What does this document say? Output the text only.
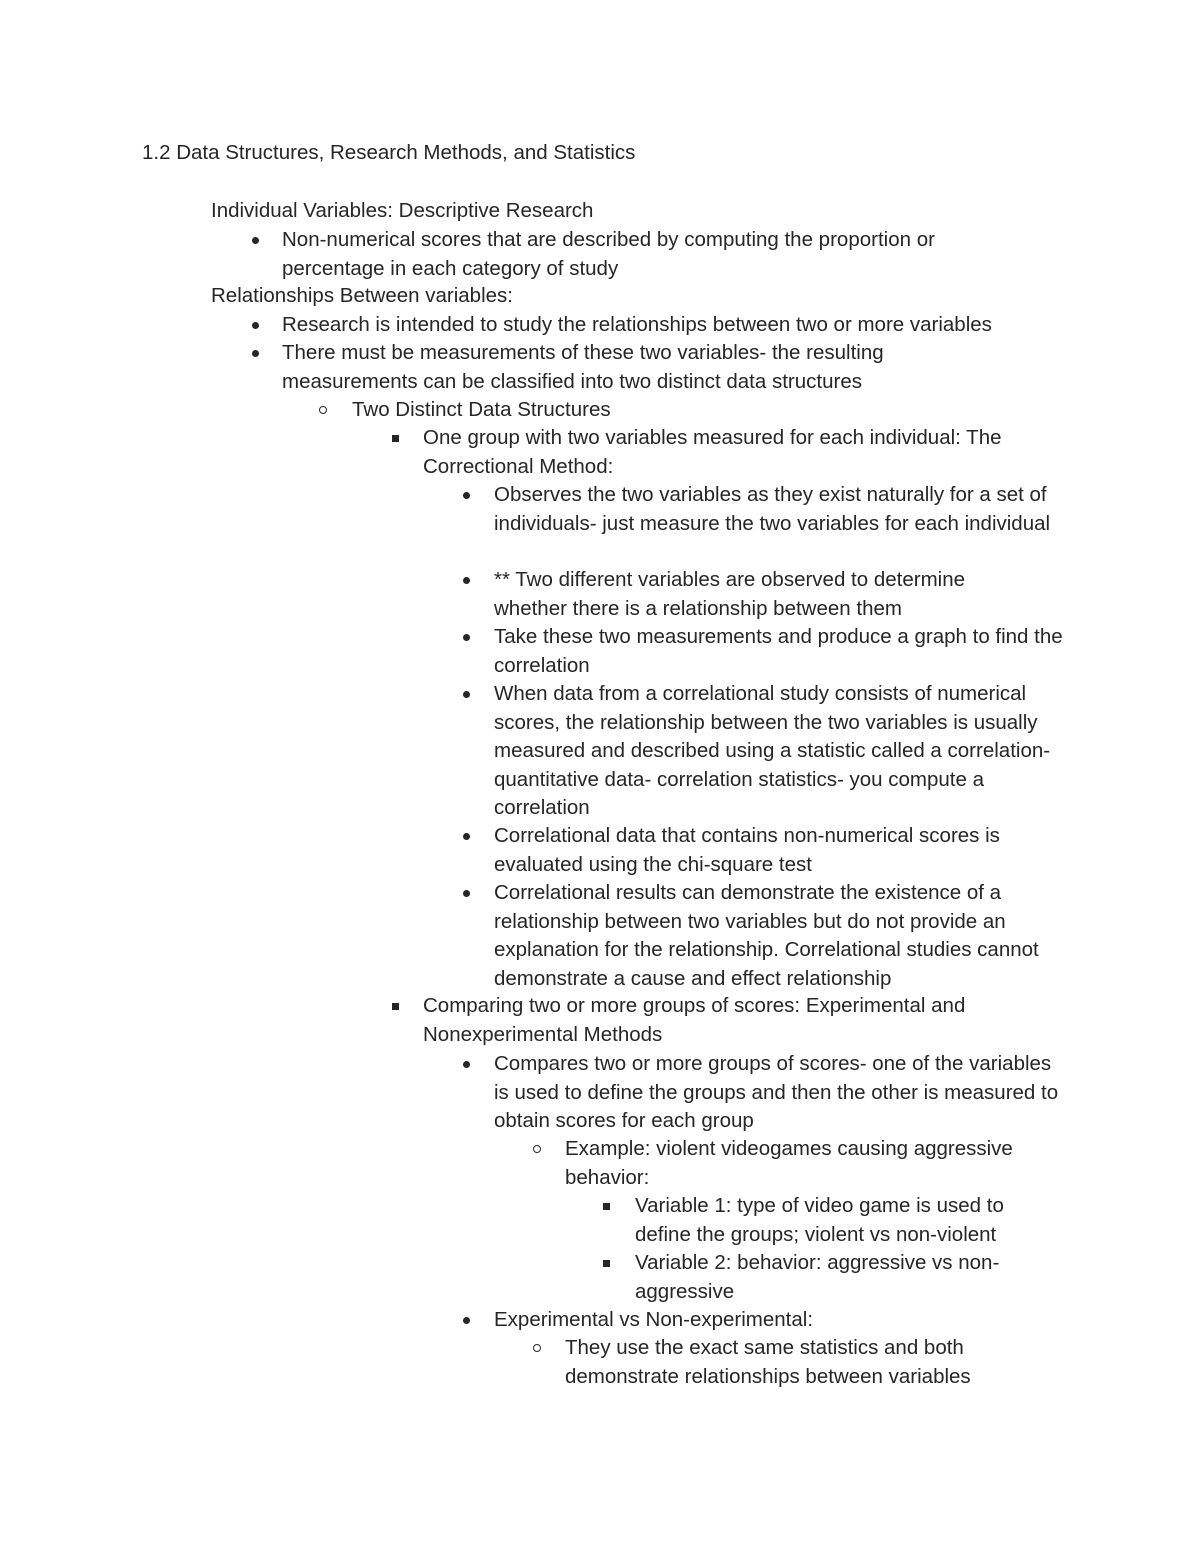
1.2 Data Structures, Research Methods, and Statistics
Individual Variables: Descriptive Research
Non-numerical scores that are described by computing the proportion or percentage in each category of study
Relationships Between variables:
Research is intended to study the relationships between two or more variables
There must be measurements of these two variables- the resulting measurements can be classified into two distinct data structures
Two Distinct Data Structures
One group with two variables measured for each individual: The Correctional Method:
Observes the two variables as they exist naturally for a set of individuals- just measure the two variables for each individual
** Two different variables are observed to determine whether there is a relationship between them
Take these two measurements and produce a graph to find the correlation
When data from a correlational study consists of numerical scores, the relationship between the two variables is usually measured and described using a statistic called a correlation- quantitative data- correlation statistics- you compute a correlation
Correlational data that contains non-numerical scores is evaluated using the chi-square test
Correlational results can demonstrate the existence of a relationship between two variables but do not provide an explanation for the relationship. Correlational studies cannot demonstrate a cause and effect relationship
Comparing two or more groups of scores: Experimental and Nonexperimental Methods
Compares two or more groups of scores- one of the variables is used to define the groups and then the other is measured to obtain scores for each group
Example: violent videogames causing aggressive behavior:
Variable 1: type of video game is used to define the groups; violent vs non-violent
Variable 2: behavior: aggressive vs non-aggressive
Experimental vs Non-experimental:
They use the exact same statistics and both demonstrate relationships between variables
